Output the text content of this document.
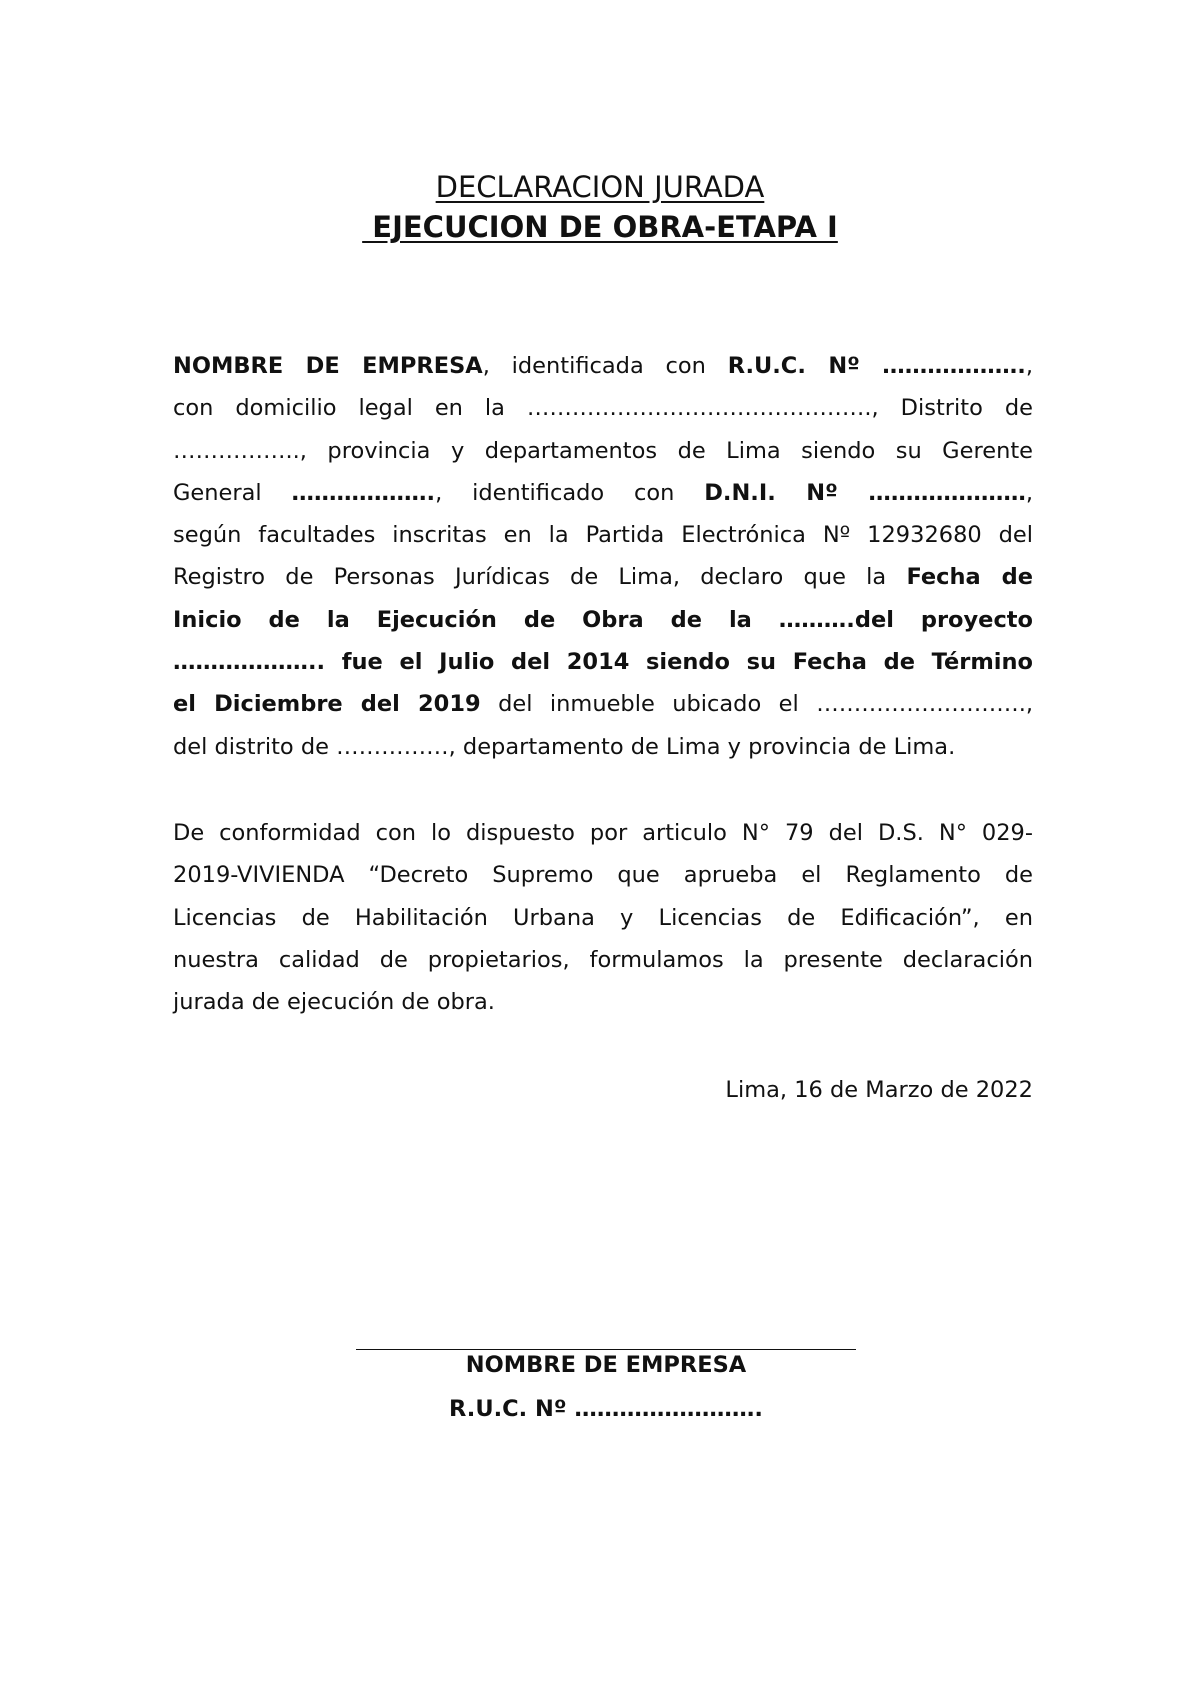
DECLARACION JURADA
EJECUCION DE OBRA-ETAPA I
NOMBRE DE EMPRESA, identificada con R.U.C. Nº ……………….,
con domicilio legal en la ………………………………………., Distrito de
…………….., provincia y departamentos de Lima siendo su Gerente
General ………………., identificado con D.N.I. Nº …………………,
según facultades inscritas en la Partida Electrónica Nº 12932680 del
Registro de Personas Jurídicas de Lima, declaro que la Fecha de
Inicio de la Ejecución de Obra de la ……….del proyecto
……………….. fue el Julio del 2014 siendo su Fecha de Término
el Diciembre del 2019 del inmueble ubicado el ……………………….,
del distrito de ……………, departamento de Lima y provincia de Lima.
De conformidad con lo dispuesto por articulo N° 79 del D.S. N° 029-
2019-VIVIENDA “Decreto Supremo que aprueba el Reglamento de
Licencias de Habilitación Urbana y Licencias de Edificación”, en
nuestra calidad de propietarios, formulamos la presente declaración
jurada de ejecución de obra.
Lima, 16 de Marzo de 2022
NOMBRE DE EMPRESA
R.U.C. Nº …………………….
